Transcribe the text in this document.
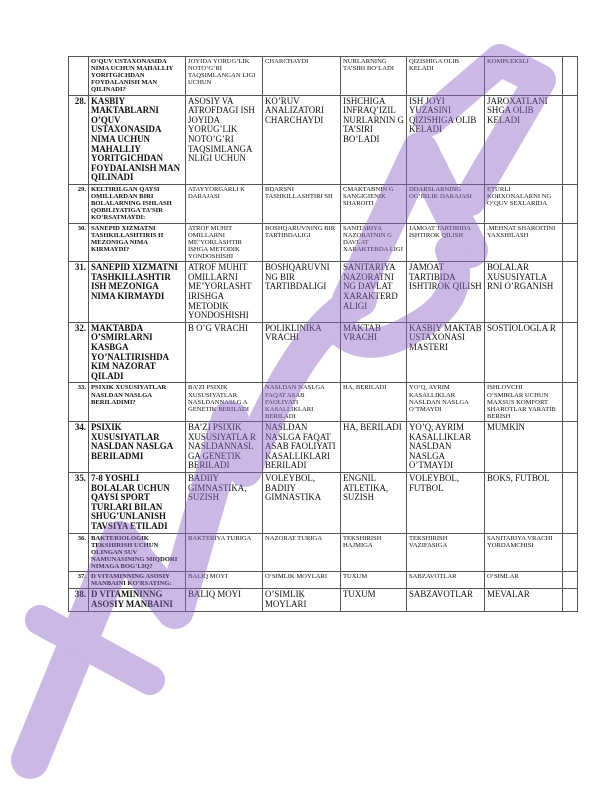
	O‘QUV USTAXONASIDA NIMA UCHUN MAHALLIY YORITGICHDAN FOYDALANISH MAN QILINADI?	JOYIDA YORUG‘LIK NOTO‘G‘RI TAQSIMLANGAN LIGI UCHUN	CHARCHAYDI	NURLARNING TA’SIRI BO‘LADI	QIZISHIGA OLIB KELADI	KOMPLEKSLI	
28.	KASBIY MAKTABLARNI O’QUV USTAXONASIDA NIMA UCHUN MAHALLIY YORITGICHDAN FOYDALANISH MAN QILINADI	ASOSIY VA ATROFDAGI ISH JOYIDA YORUG’LIK NOTO’G’RI TAQSIMLANGA NLIGI UCHUN	KO’RUV ANALIZATORI CHARCHAYDI	ISHCHIGA INFRAQ’IZIL NURLARNIN G TA’SIRI BO’LADI	ISH JOYI YUZASINI QIZISHIGA OLIB KELADI	JAROXATLANI SHGA OLIB KELADI	
29.	KELTIRILGAN QAYSI OMILLARDAN BIRI BOLALARNING ISHLASH QOBILIYATIGA TA’SIR KO‘RSATMAYDI:	ATAYYORGARLI K DARAJASI	BDARSNI TASHKILLASHTIRI SH	CMAKTABNIN G SANGIGIENIK SHAROITI	DDARSLARNING OG‘IRLIK DARAJASI	ETURLI KORXONALARNI NG O‘QUV SEXLARIDA	
30.	SANEPID XIZMATNI TASHKILLASHTIRIS H MEZONIGA NIMA KIRMAYDI?	ATROF MUHIT OMILLARNI ME’YORLASHTIR ISHGA METODIK YONDOSHISHI	BOSHQARUVNING BIR TARTIBDALIGI	SANITARIYA NAZORATNIN G DAVLAT XARAKTERDA LIGI	JAMOAT TARTIBIDA ISHTIROK QILISH	.MEHNAT SHAROITINI YAXSHILASH	
31.	SANEPID XIZMATNI TASHKILLASHTIR ISH MEZONIGA NIMA KIRMAYDI	ATROF MUHIT OMILLARNI ME’YORLASHT IRISHGA METODIK YONDOSHISHI	BOSHQARUVNI NG BIR TARTIBDALIGI	SANITARIYA NAZORATNI NG DAVLAT XARAKTERD ALIGI	JAMOAT TARTIBIDA ISHTIROK QILISH	BOLALAR XUSUSIYATLA RNI O’RGANISH	
32.	MAKTABDA O’SMIRLARNI KASBGA YO’NALTIRISHDA KIM NAZORAT QILADI	B O’G VRACHI	POLIKLINIKA VRACHI	MAKTAB VRACHI	KASBIY MAKTAB USTAXONASI MASTERI	SOSTIOLOGLA R	
33.	PSIXIK XUSUSIYATLAR NASLDAN NASLGA BERILADIMI?	BA’ZI PSIXIK XUSUSIYATLAR NASLDANNASLG A GENETIK BERILADI	NASLDAN NASLGA FAQAT ASAB FAOLIYATI KASALLIKLARI BERILADI	HA, BERILADI	YO’Q, AYRIM KASALLIKLAR NASLDAN NASLGA O’TMAYDI	ISHLOVCHI O’SMIRLAR UCHUN MAXSUS KOMFORT SHAROTLAR YARATIB BERISH	
34.	PSIXIK XUSUSIYATLAR NASLDAN NASLGA BERILADMI	BA’ZI PSIXIK XUSUSIYATLA R NASLDANNASL GA GENETIK BERILADI	NASLDAN NASLGA FAQAT ASAB FAOLIYATI KASALLIKLARI BERILADI	HA, BERILADI	YO’Q, AYRIM KASALLIKLAR NASLDAN NASLGA O’TMAYDI	MUMKIN	
35.	7-8 YOSHLI BOLALAR UCHUN QAYSI SPORT TURLARI BILAN SHUG’UNLANISH TAVSIYA ETILADI	BADIIY GIMNASTIKA, SUZISH	VOLEYBOL, BADIIY GIMNASTIKA	ENGNIL ATLETIKA, SUZISH	VOLEYBOL, FUTBOL	BOKS, FUTBOL	
36.	BAKTERIOLOGIK TEKSHIRISH UCHUN OLINGAN SUV NAMUNASINING MIQDORI NIMAGA BOG‘LIQ?	BAKTERIYA TURIGA	NAZORAT TURIGA	TEKSHIRISH HAJMIGA	TEKSHIRISH VAZIFASIGA	SANITARIYA VRACHI YORDAMCHISI	
37.	D VITAMINNING ASOSIY MANBAINI KO‘RSATING:	BALIQ MOYI	O‘SIMLIK MOYLARI	TUXUM	SABZAVOTLAR	O‘SIMLAR	
38.	D VITAMININNG ASOSIY MANBAINI	BALIQ MOYI	O’SIMLIK MOYLARI	TUXUM	SABZAVOTLAR	MEVALAR	
